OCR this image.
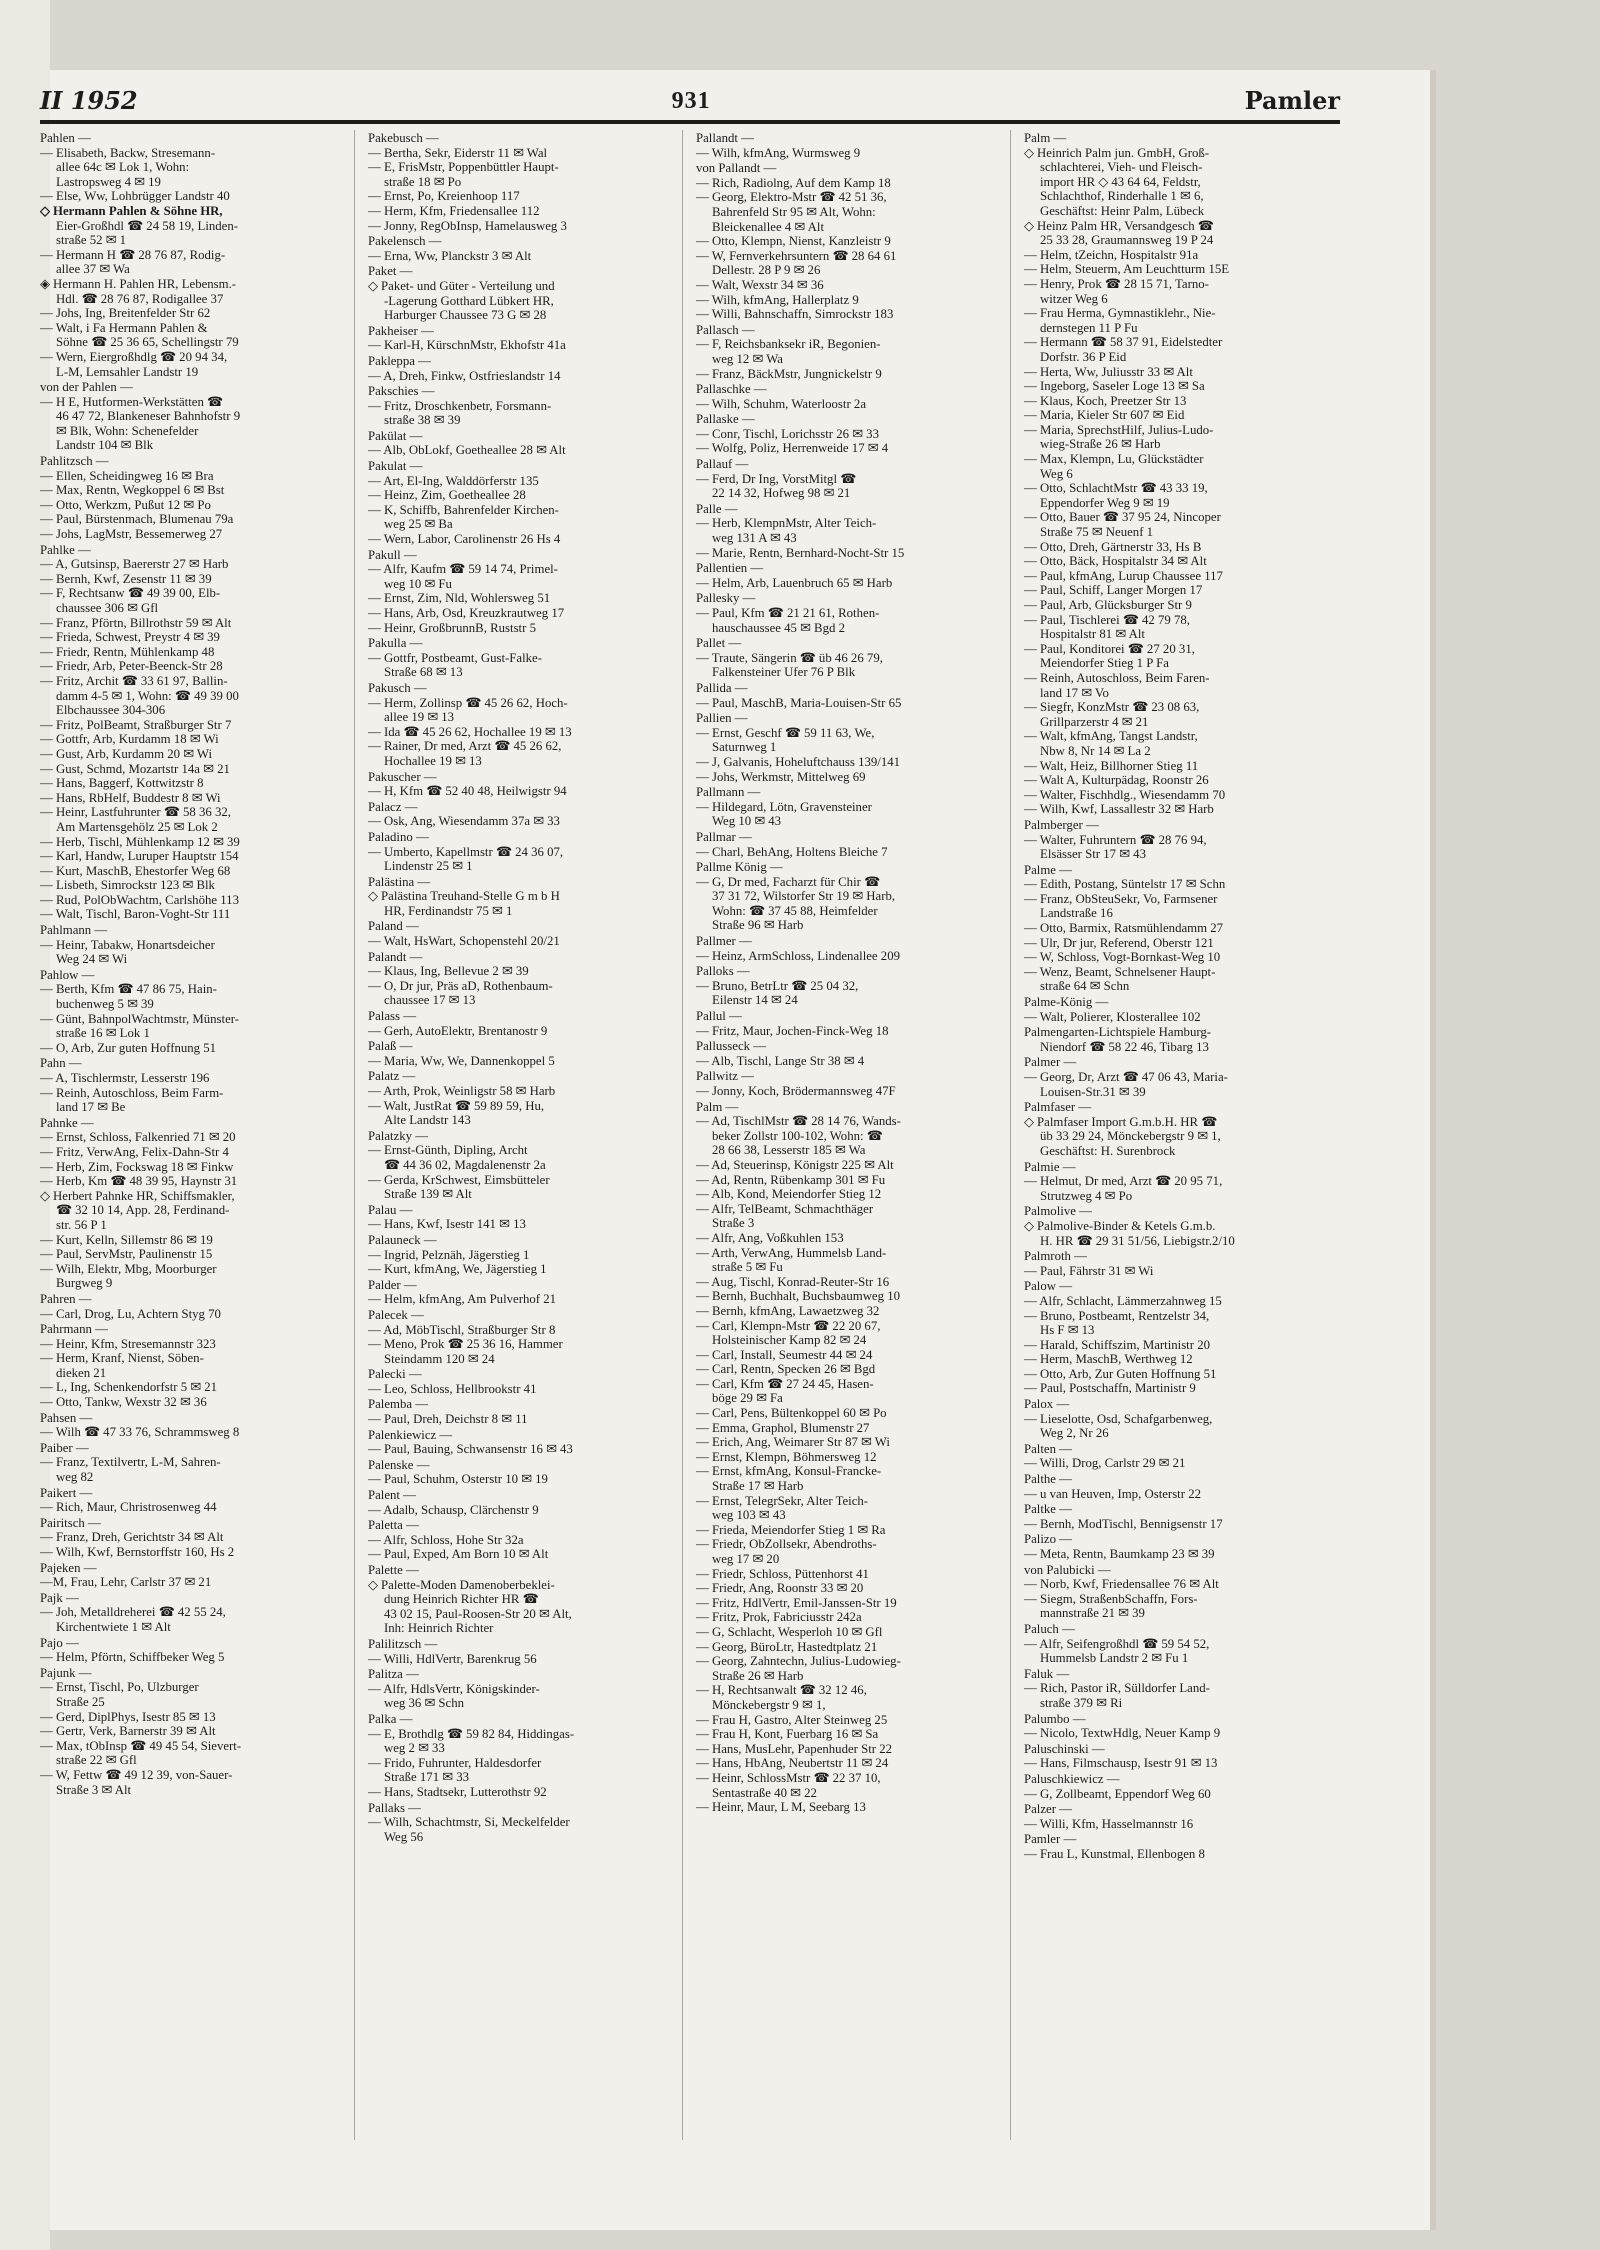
II 1952	931	Pamler
Pahlen —
— Elisabeth, Backw, Stresemann-
allee 64c ✉ Lok 1, Wohn:
Lastropsweg 4 ✉ 19
— Else, Ww, Lohbrügger Landstr 40
◇ Hermann Pahlen & Söhne HR,
Eier-Großhdl ☎ 24 58 19, Linden-
straße 52 ✉ 1
— Hermann H ☎ 28 76 87, Rodig-
allee 37 ✉ Wa
◈ Hermann H. Pahlen HR, Lebensm.-
Hdl. ☎ 28 76 87, Rodigallee 37
— Johs, Ing, Breitenfelder Str 62
— Walt, i Fa Hermann Pahlen &
Söhne ☎ 25 36 65, Schellingstr 79
— Wern, Eiergroßhdlg ☎ 20 94 34,
L-M, Lemsahler Landstr 19
von der Pahlen —
— H E, Hutformen-Werkstätten ☎
46 47 72, Blankeneser Bahnhofstr 9
✉ Blk, Wohn: Schenefelder
Landstr 104 ✉ Blk
Pahlitzsch —
— Ellen, Scheidingweg 16 ✉ Bra
— Max, Rentn, Wegkoppel 6 ✉ Bst
— Otto, Werkzm, Pußut 12 ✉ Po
— Paul, Bürstenmach, Blumenau 79a
— Johs, LagMstr, Bessemerweg 27
Pahlke —
— A, Gutsinsp, Baererstr 27 ✉ Harb
— Bernh, Kwf, Zesenstr 11 ✉ 39
— F, Rechtsanw ☎ 49 39 00, Elb-
chaussee 306 ✉ Gfl
— Franz, Pförtn, Billrothstr 59 ✉ Alt
— Frieda, Schwest, Preystr 4 ✉ 39
— Friedr, Rentn, Mühlenkamp 48
— Friedr, Arb, Peter-Beenck-Str 28
— Fritz, Archit ☎ 33 61 97, Ballin-
damm 4-5 ✉ 1, Wohn: ☎ 49 39 00
Elbchaussee 304-306
— Fritz, PolBeamt, Straßburger Str 7
— Gottfr, Arb, Kurdamm 18 ✉ Wi
— Gust, Arb, Kurdamm 20 ✉ Wi
— Gust, Schmd, Mozartstr 14a ✉ 21
— Hans, Baggerf, Kottwitzstr 8
— Hans, RbHelf, Buddestr 8 ✉ Wi
— Heinr, Lastfuhrunter ☎ 58 36 32,
Am Martensgehölz 25 ✉ Lok 2
— Herb, Tischl, Mühlenkamp 12 ✉ 39
— Karl, Handw, Luruper Hauptstr 154
— Kurt, MaschB, Ehestorfer Weg 68
— Lisbeth, Simrockstr 123 ✉ Blk
— Rud, PolObWachtm, Carlshöhe 113
— Walt, Tischl, Baron-Voght-Str 111
Pahlmann —
— Heinr, Tabakw, Honartsdeicher
Weg 24 ✉ Wi
Pahlow —
— Berth, Kfm ☎ 47 86 75, Hain-
buchenweg 5 ✉ 39
— Günt, BahnpolWachtmstr, Münster-
straße 16 ✉ Lok 1
— O, Arb, Zur guten Hoffnung 51
Pahn —
— A, Tischlermstr, Lesserstr 196
— Reinh, Autoschloss, Beim Farm-
land 17 ✉ Be
Pahnke —
— Ernst, Schloss, Falkenried 71 ✉ 20
— Fritz, VerwAng, Felix-Dahn-Str 4
— Herb, Zim, Fockswag 18 ✉ Finkw
— Herb, Km ☎ 48 39 95, Haynstr 31
◇ Herbert Pahnke HR, Schiffsmakler,
☎ 32 10 14, App. 28, Ferdinand-
str. 56 P 1
— Kurt, Kelln, Sillemstr 86 ✉ 19
— Paul, ServMstr, Paulinenstr 15
— Wilh, Elektr, Mbg, Moorburger
Burgweg 9
Pahren —
— Carl, Drog, Lu, Achtern Styg 70
Pahrmann —
— Heinr, Kfm, Stresemannstr 323
— Herm, Kranf, Nienst, Söben-
dieken 21
— L, Ing, Schenkendorfstr 5 ✉ 21
— Otto, Tankw, Wexstr 32 ✉ 36
Pahsen —
— Wilh ☎ 47 33 76, Schrammsweg 8
Paiber —
— Franz, Textilvertr, L-M, Sahren-
weg 82
Paikert —
— Rich, Maur, Christrosenweg 44
Pairitsch —
— Franz, Dreh, Gerichtstr 34 ✉ Alt
— Wilh, Kwf, Bernstorffstr 160, Hs 2
Pajeken —
—M, Frau, Lehr, Carlstr 37 ✉ 21
Pajk —
— Joh, Metalldreherei ☎ 42 55 24,
Kirchentwiete 1 ✉ Alt
Pajo —
— Helm, Pförtn, Schiffbeker Weg 5
Pajunk —
— Ernst, Tischl, Po, Ulzburger
Straße 25
— Gerd, DiplPhys, Isestr 85 ✉ 13
— Gertr, Verk, Barnerstr 39 ✉ Alt
— Max, tObInsp ☎ 49 45 54, Sievert-
straße 22 ✉ Gfl
— W, Fettw ☎ 49 12 39, von-Sauer-
Straße 3 ✉ Alt
Pakebusch —
— Bertha, Sekr, Eiderstr 11 ✉ Wal
— E, FrisMstr, Poppenbüttler Haupt-
straße 18 ✉ Po
— Ernst, Po, Kreienhoop 117
— Herm, Kfm, Friedensallee 112
— Jonny, RegObInsp, Hamelausweg 3
Pakelensch —
— Erna, Ww, Planckstr 3 ✉ Alt
Paket —
◇ Paket- und Güter - Verteilung und
-Lagerung Gotthard Lübkert HR,
Harburger Chaussee 73 G ✉ 28
Pakheiser —
— Karl-H, KürschnMstr, Ekhofstr 41a
Pakleppa —
— A, Dreh, Finkw, Ostfrieslandstr 14
Pakschies —
— Fritz, Droschkenbetr, Forsmann-
straße 38 ✉ 39
Pakülat —
— Alb, ObLokf, Goetheallee 28 ✉ Alt
Pakulat —
— Art, El-Ing, Walddörferstr 135
— Heinz, Zim, Goetheallee 28
— K, Schiffb, Bahrenfelder Kirchen-
weg 25 ✉ Ba
— Wern, Labor, Carolinenstr 26 Hs 4
Pakull —
— Alfr, Kaufm ☎ 59 14 74, Primel-
weg 10 ✉ Fu
— Ernst, Zim, Nld, Wohlersweg 51
— Hans, Arb, Osd, Kreuzkrautweg 17
— Heinr, GroßbrunnB, Ruststr 5
Pakulla —
— Gottfr, Postbeamt, Gust-Falke-
Straße 68 ✉ 13
Pakusch —
— Herm, Zollinsp ☎ 45 26 62, Hoch-
allee 19 ✉ 13
— Ida ☎ 45 26 62, Hochallee 19 ✉ 13
— Rainer, Dr med, Arzt ☎ 45 26 62,
Hochallee 19 ✉ 13
Pakuscher —
— H, Kfm ☎ 52 40 48, Heilwigstr 94
Palacz —
— Osk, Ang, Wiesendamm 37a ✉ 33
Paladino —
— Umberto, Kapellmstr ☎ 24 36 07,
Lindenstr 25 ✉ 1
Palästina —
◇ Palästina Treuhand-Stelle G m b H
HR, Ferdinandstr 75 ✉ 1
Paland —
— Walt, HsWart, Schopenstehl 20/21
Palandt —
— Klaus, Ing, Bellevue 2 ✉ 39
— O, Dr jur, Präs aD, Rothenbaum-
chaussee 17 ✉ 13
Palass —
— Gerh, AutoElektr, Brentanostr 9
Palaß —
— Maria, Ww, We, Dannenkoppel 5
Palatz —
— Arth, Prok, Weinligstr 58 ✉ Harb
— Walt, JustRat ☎ 59 89 59, Hu,
Alte Landstr 143
Palatzky —
— Ernst-Günth, Dipling, Archt
☎ 44 36 02, Magdalenenstr 2a
— Gerda, KrSchwest, Eimsbütteler
Straße 139 ✉ Alt
Palau —
— Hans, Kwf, Isestr 141 ✉ 13
Palauneck —
— Ingrid, Pelznäh, Jägerstieg 1
— Kurt, kfmAng, We, Jägerstieg 1
Palder —
— Helm, kfmAng, Am Pulverhof 21
Palecek —
— Ad, MöbTischl, Straßburger Str 8
— Meno, Prok ☎ 25 36 16, Hammer
Steindamm 120 ✉ 24
Palecki —
— Leo, Schloss, Hellbrookstr 41
Palemba —
— Paul, Dreh, Deichstr 8 ✉ 11
Palenkiewicz —
— Paul, Bauing, Schwansenstr 16 ✉ 43
Palenske —
— Paul, Schuhm, Osterstr 10 ✉ 19
Palent —
— Adalb, Schausp, Clärchenstr 9
Paletta —
— Alfr, Schloss, Hohe Str 32a
— Paul, Exped, Am Born 10 ✉ Alt
Palette —
◇ Palette-Moden Damenoberbeklei-
dung Heinrich Richter HR ☎
43 02 15, Paul-Roosen-Str 20 ✉ Alt,
Inh: Heinrich Richter
Palilitzsch —
— Willi, HdlVertr, Barenkrug 56
Palitza —
— Alfr, HdlsVertr, Königskinder-
weg 36 ✉ Schn
Palka —
— E, Brothdlg ☎ 59 82 84, Hiddingas-
weg 2 ✉ 33
— Frido, Fuhrunter, Haldesdorfer
Straße 171 ✉ 33
— Hans, Stadtsekr, Lutterothstr 92
Pallaks —
— Wilh, Schachtmstr, Si, Meckelfelder
Weg 56
Pallandt —
— Wilh, kfmAng, Wurmsweg 9
von Pallandt —
— Rich, Radiolng, Auf dem Kamp 18
— Georg, Elektro-Mstr ☎ 42 51 36,
Bahrenfeld Str 95 ✉ Alt, Wohn:
Bleickenallee 4 ✉ Alt
— Otto, Klempn, Nienst, Kanzleistr 9
— W, Fernverkehrsuntern ☎ 28 64 61
Dellestr. 28 P 9 ✉ 26
— Walt, Wexstr 34 ✉ 36
— Wilh, kfmAng, Hallerplatz 9
— Willi, Bahnschaffn, Simrockstr 183
Pallasch —
— F, Reichsbanksekr iR, Begonien-
weg 12 ✉ Wa
— Franz, BäckMstr, Jungnickelstr 9
Pallaschke —
— Wilh, Schuhm, Waterloostr 2a
Pallaske —
— Conr, Tischl, Lorichsstr 26 ✉ 33
— Wolfg, Poliz, Herrenweide 17 ✉ 4
Pallauf —
— Ferd, Dr Ing, VorstMitgl ☎
22 14 32, Hofweg 98 ✉ 21
Palle —
— Herb, KlempnMstr, Alter Teich-
weg 131 A ✉ 43
— Marie, Rentn, Bernhard-Nocht-Str 15
Pallentien —
— Helm, Arb, Lauenbruch 65 ✉ Harb
Pallesky —
— Paul, Kfm ☎ 21 21 61, Rothen-
hauschaussee 45 ✉ Bgd 2
Pallet —
— Traute, Sängerin ☎ üb 46 26 79,
Falkensteiner Ufer 76 P Blk
Pallida —
— Paul, MaschB, Maria-Louisen-Str 65
Pallien —
— Ernst, Geschf ☎ 59 11 63, We,
Saturnweg 1
— J, Galvanis, Hoheluftchauss 139/141
— Johs, Werkmstr, Mittelweg 69
Pallmann —
— Hildegard, Lötn, Gravensteiner
Weg 10 ✉ 43
Pallmar —
— Charl, BehAng, Holtens Bleiche 7
Pallme König —
— G, Dr med, Facharzt für Chir ☎
37 31 72, Wilstorfer Str 19 ✉ Harb,
Wohn: ☎ 37 45 88, Heimfelder
Straße 96 ✉ Harb
Pallmer —
— Heinz, ArmSchloss, Lindenallee 209
Palloks —
— Bruno, BetrLtr ☎ 25 04 32,
Eilenstr 14 ✉ 24
Pallul —
— Fritz, Maur, Jochen-Finck-Weg 18
Pallusseck —
— Alb, Tischl, Lange Str 38 ✉ 4
Pallwitz —
— Jonny, Koch, Brödermannsweg 47F
Palm —
— Ad, TischlMstr ☎ 28 14 76, Wands-
beker Zollstr 100-102, Wohn: ☎
28 66 38, Lesserstr 185 ✉ Wa
— Ad, Steuerinsp, Königstr 225 ✉ Alt
— Ad, Rentn, Rübenkamp 301 ✉ Fu
— Alb, Kond, Meiendorfer Stieg 12
— Alfr, TelBeamt, Schmachthäger
Straße 3
— Alfr, Ang, Voßkuhlen 153
— Arth, VerwAng, Hummelsb Land-
straße 5 ✉ Fu
— Aug, Tischl, Konrad-Reuter-Str 16
— Bernh, Buchhalt, Buchsbaumweg 10
— Bernh, kfmAng, Lawaetzweg 32
— Carl, Klempn-Mstr ☎ 22 20 67,
Holsteinischer Kamp 82 ✉ 24
— Carl, Install, Seumestr 44 ✉ 24
— Carl, Rentn, Specken 26 ✉ Bgd
— Carl, Kfm ☎ 27 24 45, Hasen-
böge 29 ✉ Fa
— Carl, Pens, Bültenkoppel 60 ✉ Po
— Emma, Graphol, Blumenstr 27
— Erich, Ang, Weimarer Str 87 ✉ Wi
— Ernst, Klempn, Böhmersweg 12
— Ernst, kfmAng, Konsul-Francke-
Straße 17 ✉ Harb
— Ernst, TelegrSekr, Alter Teich-
weg 103 ✉ 43
— Frieda, Meiendorfer Stieg 1 ✉ Ra
— Friedr, ObZollsekr, Abendroths-
weg 17 ✉ 20
— Friedr, Schloss, Püttenhorst 41
— Friedr, Ang, Roonstr 33 ✉ 20
— Fritz, HdlVertr, Emil-Janssen-Str 19
— Fritz, Prok, Fabriciusstr 242a
— G, Schlacht, Wesperloh 10 ✉ Gfl
— Georg, BüroLtr, Hastedtplatz 21
— Georg, Zahntechn, Julius-Ludowieg-
Straße 26 ✉ Harb
— H, Rechtsanwalt ☎ 32 12 46,
Mönckebergstr 9 ✉ 1,
— Frau H, Gastro, Alter Steinweg 25
— Frau H, Kont, Fuerbarg 16 ✉ Sa
— Hans, MusLehr, Papenhuder Str 22
— Hans, HbAng, Neubertstr 11 ✉ 24
— Heinr, SchlossMstr ☎ 22 37 10,
Sentastraße 40 ✉ 22
— Heinr, Maur, L M, Seebarg 13
Palm —
◇ Heinrich Palm jun. GmbH, Groß-
schlachterei, Vieh- und Fleisch-
import HR ◇ 43 64 64, Feldstr,
Schlachthof, Rinderhalle 1 ✉ 6,
Geschäftst: Heinr Palm, Lübeck
◇ Heinz Palm HR, Versandgesch ☎
25 33 28, Graumannsweg 19 P 24
— Helm, tZeichn, Hospitalstr 91a
— Helm, Steuerm, Am Leuchtturm 15E
— Henry, Prok ☎ 28 15 71, Tarno-
witzer Weg 6
— Frau Herma, Gymnastiklehr., Nie-
dernstegen 11 P Fu
— Hermann ☎ 58 37 91, Eidelstedter
Dorfstr. 36 P Eid
— Herta, Ww, Juliusstr 33 ✉ Alt
— Ingeborg, Saseler Loge 13 ✉ Sa
— Klaus, Koch, Preetzer Str 13
— Maria, Kieler Str 607 ✉ Eid
— Maria, SprechstHilf, Julius-Ludo-
wieg-Straße 26 ✉ Harb
— Max, Klempn, Lu, Glückstädter
Weg 6
— Otto, SchlachtMstr ☎ 43 33 19,
Eppendorfer Weg 9 ✉ 19
— Otto, Bauer ☎ 37 95 24, Nincoper
Straße 75 ✉ Neuenf 1
— Otto, Dreh, Gärtnerstr 33, Hs B
— Otto, Bäck, Hospitalstr 34 ✉ Alt
— Paul, kfmAng, Lurup Chaussee 117
— Paul, Schiff, Langer Morgen 17
— Paul, Arb, Glücksburger Str 9
— Paul, Tischlerei ☎ 42 79 78,
Hospitalstr 81 ✉ Alt
— Paul, Konditorei ☎ 27 20 31,
Meiendorfer Stieg 1 P Fa
— Reinh, Autoschloss, Beim Faren-
land 17 ✉ Vo
— Siegfr, KonzMstr ☎ 23 08 63,
Grillparzerstr 4 ✉ 21
— Walt, kfmAng, Tangst Landstr,
Nbw 8, Nr 14 ✉ La 2
— Walt, Heiz, Billhorner Stieg 11
— Walt A, Kulturpädag, Roonstr 26
— Walter, Fischhdlg., Wiesendamm 70
— Wilh, Kwf, Lassallestr 32 ✉ Harb
Palmberger —
— Walter, Fuhruntern ☎ 28 76 94,
Elsässer Str 17 ✉ 43
Palme —
— Edith, Postang, Süntelstr 17 ✉ Schn
— Franz, ObSteuSekr, Vo, Farmsener
Landstraße 16
— Otto, Barmix, Ratsmühlendamm 27
— Ulr, Dr jur, Referend, Oberstr 121
— W, Schloss, Vogt-Bornkast-Weg 10
— Wenz, Beamt, Schnelsener Haupt-
straße 64 ✉ Schn
Palme-König —
— Walt, Polierer, Klosterallee 102
Palmengarten-Lichtspiele Hamburg-
Niendorf ☎ 58 22 46, Tibarg 13
Palmer —
— Georg, Dr, Arzt ☎ 47 06 43, Maria-
Louisen-Str.31 ✉ 39
Palmfaser —
◇ Palmfaser Import G.m.b.H. HR ☎
üb 33 29 24, Mönckebergstr 9 ✉ 1,
Geschäftst: H. Surenbrock
Palmie —
— Helmut, Dr med, Arzt ☎ 20 95 71,
Strutzweg 4 ✉ Po
Palmolive —
◇ Palmolive-Binder & Ketels G.m.b.
H. HR ☎ 29 31 51/56, Liebigstr.2/10
Palmroth —
— Paul, Fährstr 31 ✉ Wi
Palow —
— Alfr, Schlacht, Lämmerzahnweg 15
— Bruno, Postbeamt, Rentzelstr 34,
Hs F ✉ 13
— Harald, Schiffszim, Martinistr 20
— Herm, MaschB, Werthweg 12
— Otto, Arb, Zur Guten Hoffnung 51
— Paul, Postschaffn, Martinistr 9
Palox —
— Lieselotte, Osd, Schafgarbenweg,
Weg 2, Nr 26
Palten —
— Willi, Drog, Carlstr 29 ✉ 21
Palthe —
— u van Heuven, Imp, Osterstr 22
Paltke —
— Bernh, ModTischl, Bennigsenstr 17
Palizo —
— Meta, Rentn, Baumkamp 23 ✉ 39
von Palubicki —
— Norb, Kwf, Friedensallee 76 ✉ Alt
— Siegm, StraßenbSchaffn, Fors-
mannstraße 21 ✉ 39
Paluch —
— Alfr, Seifengroßhdl ☎ 59 54 52,
Hummelsb Landstr 2 ✉ Fu 1
Faluk —
— Rich, Pastor iR, Sülldorfer Land-
straße 379 ✉ Ri
Palumbo —
— Nicolo, TextwHdlg, Neuer Kamp 9
Paluschinski —
— Hans, Filmschausp, Isestr 91 ✉ 13
Paluschkiewicz —
— G, Zollbeamt, Eppendorf Weg 60
Palzer —
— Willi, Kfm, Hasselmannstr 16
Pamler —
— Frau L, Kunstmal, Ellenbogen 8
